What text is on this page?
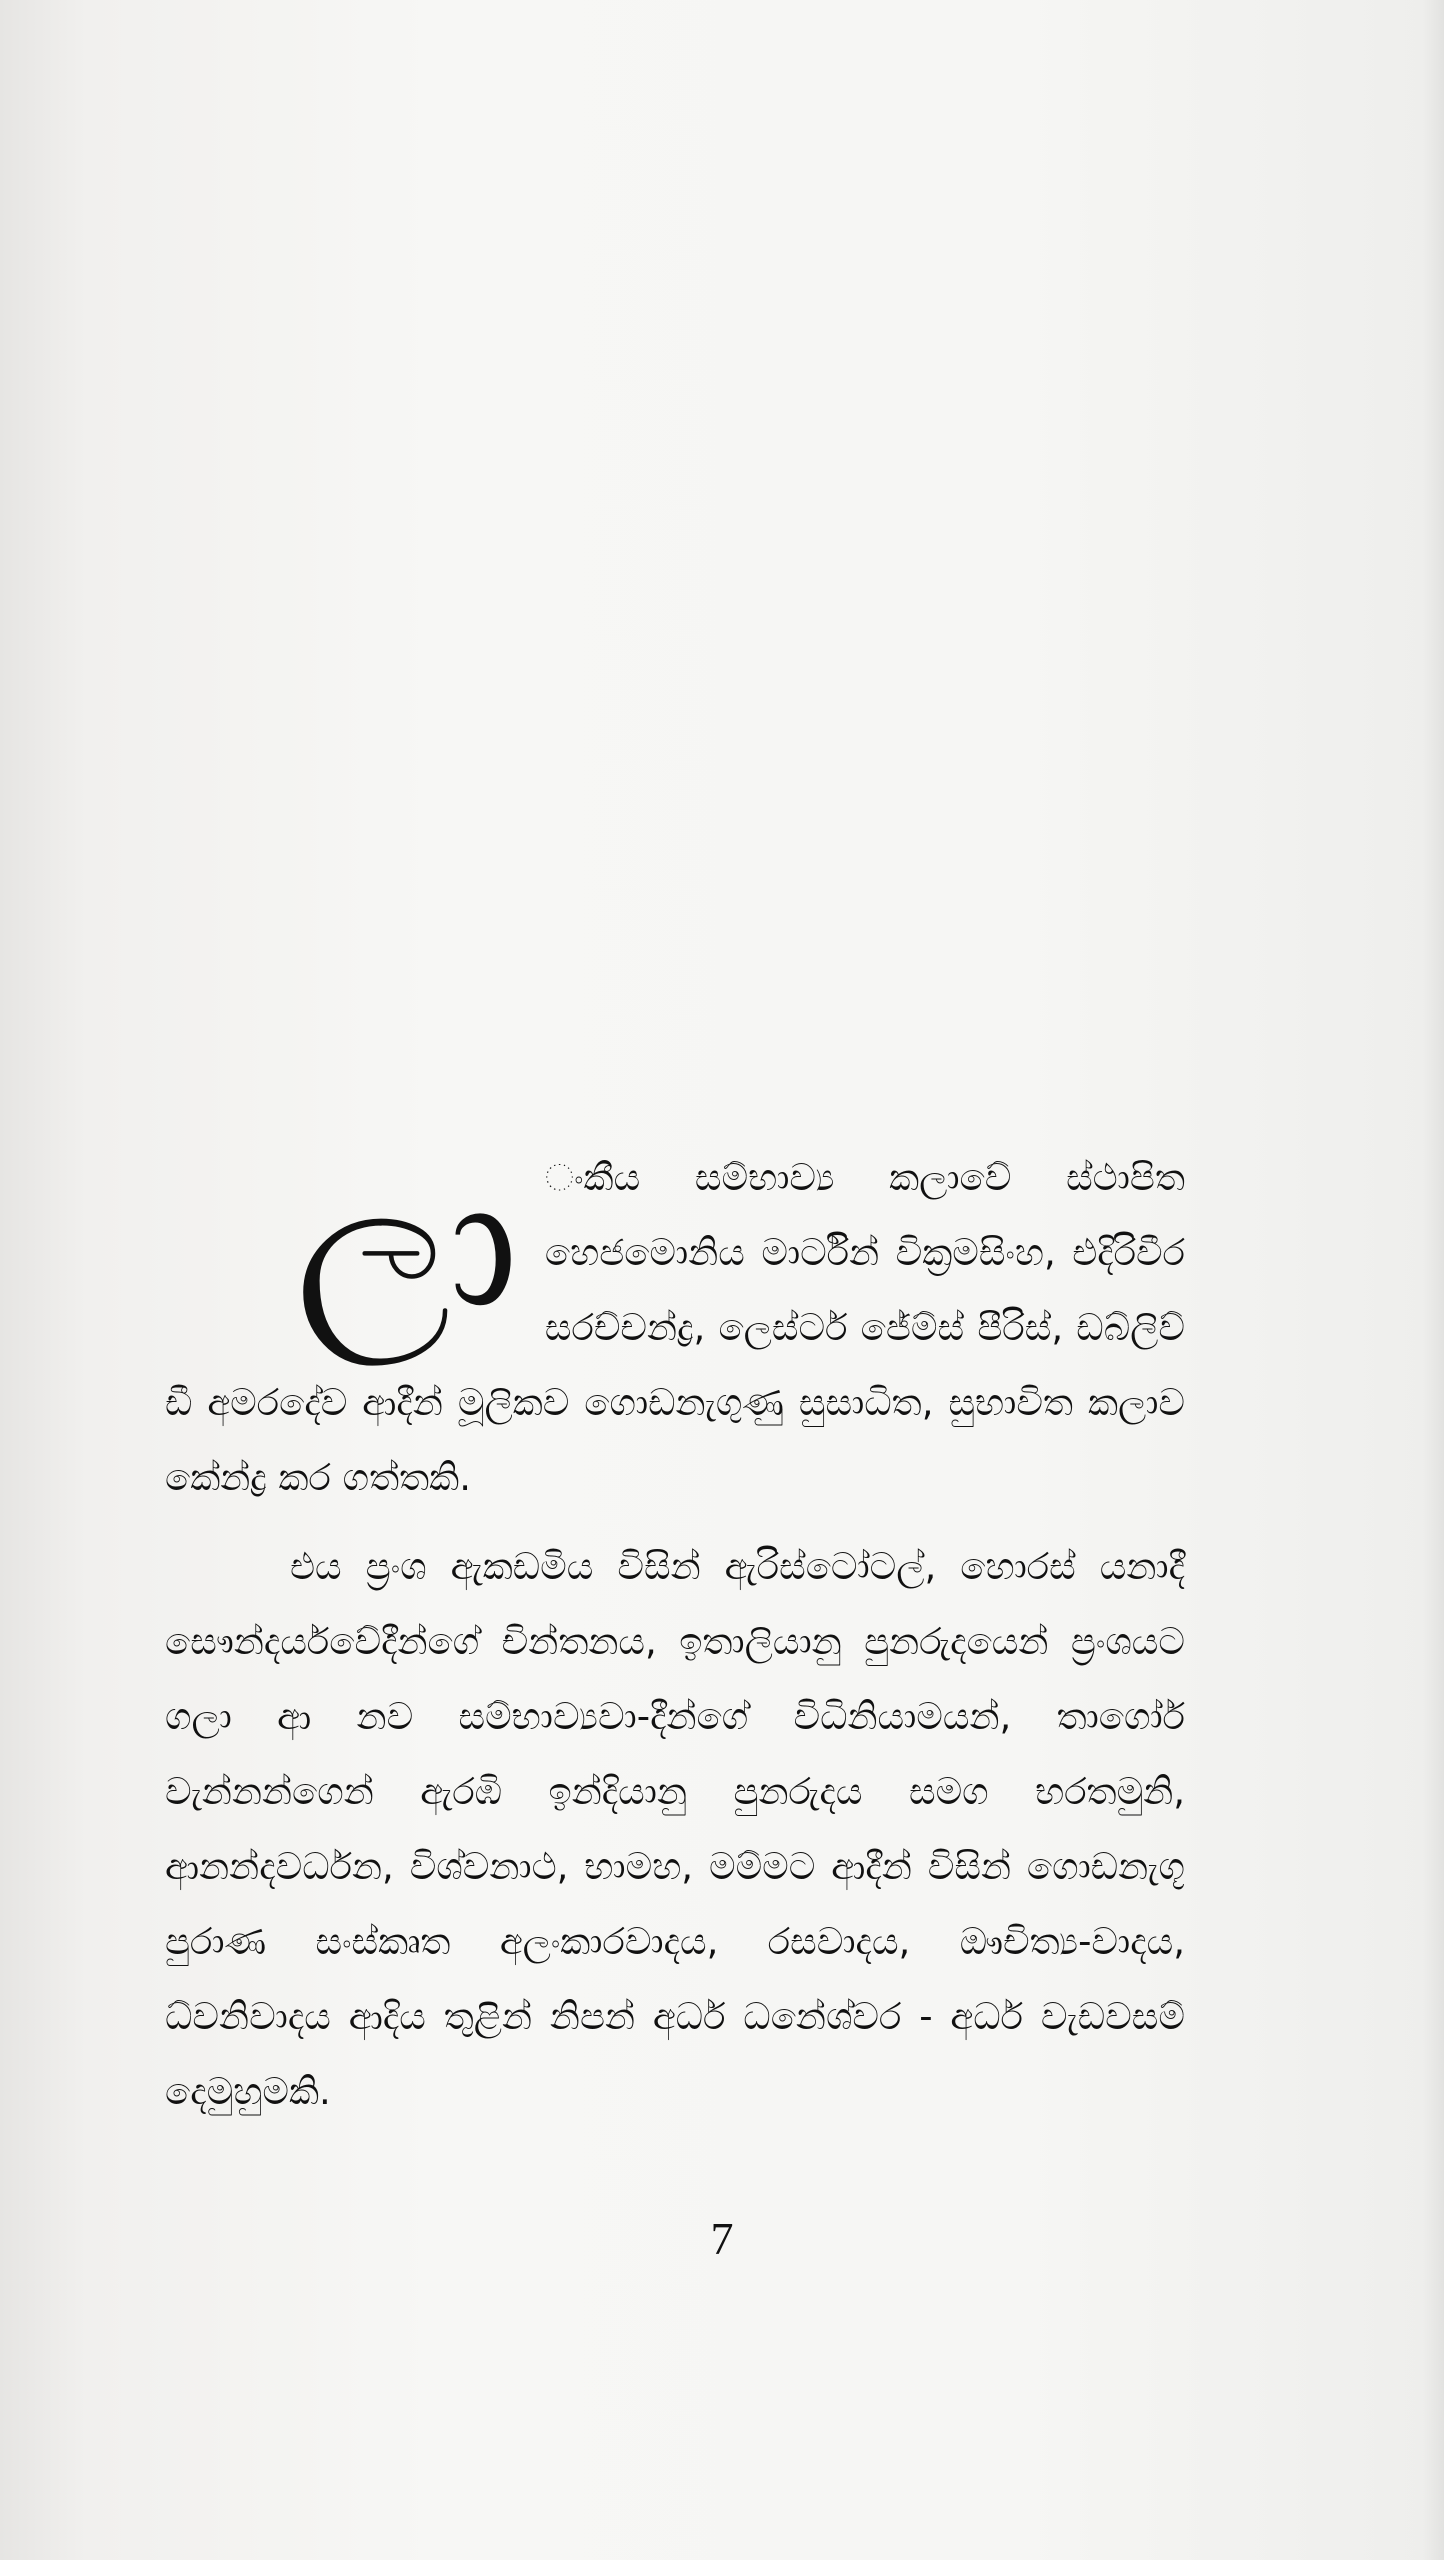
ලා ංකීය සම්භාව්‍ය කලාවේ ස්ථාපිත හෙජමොනිය මාර්ටින් වික්‍රමසිංහ, එදිරිවීර සරච්චන්ද්‍ර, ලෙස්ටර් ජේම්ස් පීරිස්, ඩබ්ලිව් ඩී අමරදේව ආදීන් මූලිකව ගොඩනැගුණු සුසාධිත, සුභාවිත කලාව කේන්ද්‍ර කර ගත්තකි.

එය ප්‍රංශ ඇකඩමිය විසින් ඇරිස්ටෝටල්, හොරස් යනාදී සෞන්දර්යවේදීන්ගේ චින්තනය, ඉතාලියානු පුනරුදයෙන් ප්‍රංශයට ගලා ආ නව සම්භාව්‍යවා-දීන්ගේ විධිනියාමයන්, තාගෝර් වැන්නන්ගෙන් ඇරඹි ඉන්දියානු පුනරුදය සමග භරතමුනි, ආනන්දවර්ධන, විශ්වනාථ, භාමහ, මම්මට ආදීන් විසින් ගොඩනැගූ පුරාණ සංස්කෘත අලංකාරවාදය, රසවාදය, ඖචිත්‍ය-වාදය, ධ්වනිවාදය ආදිය තුළින් නිපන් අර්ධ ධනේශ්වර - අර්ධ වැඩවසම් දෙමුහුමකි.

7
